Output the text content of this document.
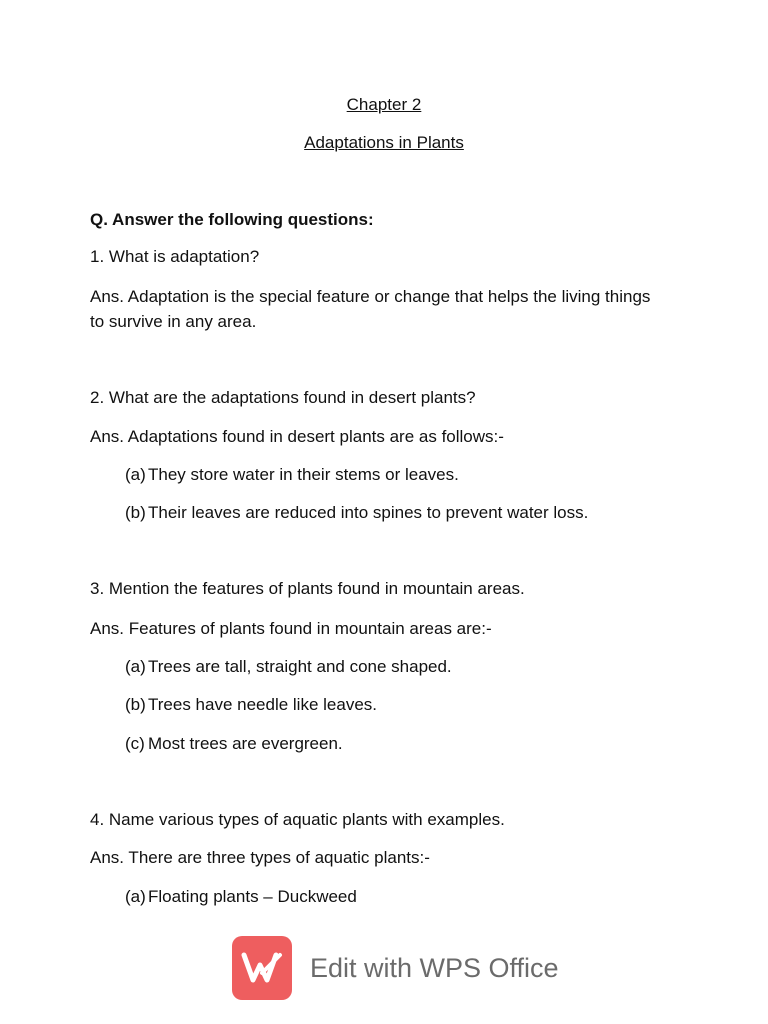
Chapter 2
Adaptations in Plants
Q. Answer the following questions:
1. What is adaptation?
Ans. Adaptation is the special feature or change that helps the living things
to survive in any area.
2. What are the adaptations found in desert plants?
Ans. Adaptations found in desert plants are as follows:-
(a) They store water in their stems or leaves.
(b) Their leaves are reduced into spines to prevent water loss.
3. Mention the features of plants found in mountain areas.
Ans. Features of plants found in mountain areas are:-
(a) Trees are tall, straight and cone shaped.
(b) Trees have needle like leaves.
(c) Most trees are evergreen.
4. Name various types of aquatic plants with examples.
Ans. There are three types of aquatic plants:-
(a) Floating plants – Duckweed
Edit with WPS Office
